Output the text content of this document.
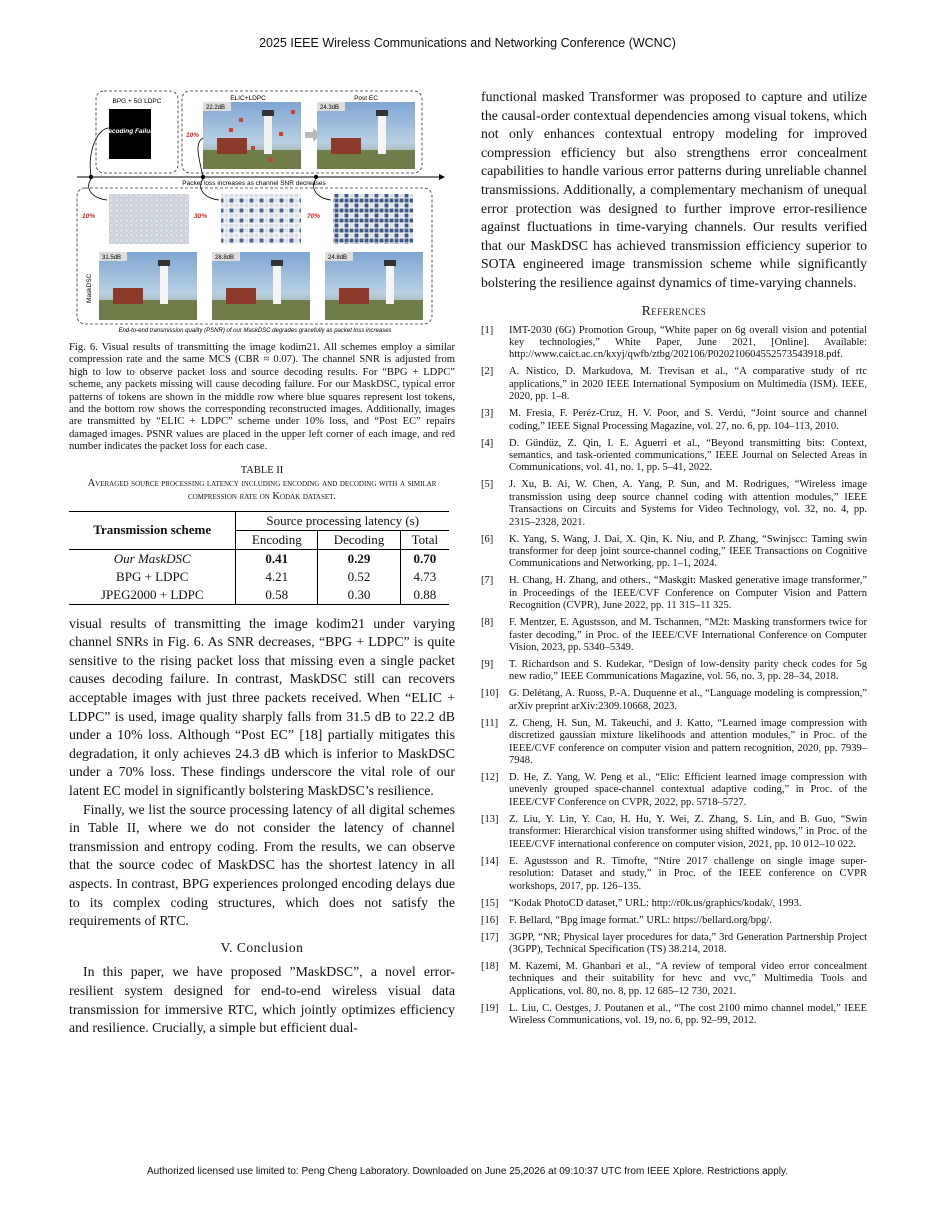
2025 IEEE Wireless Communications and Networking Conference (WCNC)
BPG + 5G LDPC
Decoding Failure
ELIC+LDPC	Post EC
22.2dB
10%
24.3dB
Packet loss increases as channel SNR decreases
10%	30%	70%
MaskDSC
31.5dB	28.8dB	24.8dB
End-to-end transmission quality (PSNR) of our MaskDSC degrades gracefully as packet loss increases
Fig. 6. Visual results of transmitting the image kodim21. All schemes employ a similar compression rate and the same MCS (CBR ≈ 0.07). The channel SNR is adjusted from high to low to observe packet loss and source decoding results. For “BPG + LDPC” scheme, any packets missing will cause decoding failure. For our MaskDSC, typical error patterns of tokens are shown in the middle row where blue squares represent lost tokens, and the bottom row shows the corresponding reconstructed images. Additionally, images are transmitted by “ELIC + LDPC” scheme under 10% loss, and “Post EC” repairs damaged images. PSNR values are placed in the upper left corner of each image, and red number indicates the packet loss for each case.
TABLE II
Averaged source processing latency including encoding and decoding with a similar compression rate on Kodak dataset.
Transmission scheme	Source processing latency (s)		
	Encoding	Decoding	Total
Our MaskDSC	0.41	0.29	0.70
BPG + LDPC	4.21	0.52	4.73
JPEG2000 + LDPC	0.58	0.30	0.88

visual results of transmitting the image kodim21 under varying channel SNRs in Fig. 6. As SNR decreases, “BPG + LDPC” is quite sensitive to the rising packet loss that missing even a single packet causes decoding failure. In contrast, MaskDSC still can recovers acceptable images with just three packets received. When “ELIC + LDPC” is used, image quality sharply falls from 31.5 dB to 22.2 dB under a 10% loss. Although “Post EC” [18] partially mitigates this degradation, it only achieves 24.3 dB which is inferior to MaskDSC under a 70% loss. These findings underscore the vital role of our latent EC model in significantly bolstering MaskDSC’s resilience.

Finally, we list the source processing latency of all digital schemes in Table II, where we do not consider the latency of channel transmission and entropy coding. From the results, we can observe that the source codec of MaskDSC has the shortest latency in all aspects. In contrast, BPG experiences prolonged encoding delays due to its complex coding structures, which does not satisfy the requirements of RTC.

V. Conclusion

In this paper, we have proposed ”MaskDSC”, a novel error-resilient system designed for end-to-end wireless visual data transmission for immersive RTC, which jointly optimizes efficiency and resilience. Crucially, a simple but efficient dual-

functional masked Transformer was proposed to capture and utilize the causal-order contextual dependencies among visual tokens, which not only enhances contextual entropy modeling for improved compression efficiency but also strengthens error concealment capabilities to handle various error patterns during unreliable channel transmissions. Additionally, a complementary mechanism of unequal error protection was designed to further improve error-resilience against fluctuations in time-varying channels. Our results verified that our MaskDSC has achieved transmission efficiency superior to SOTA engineered image transmission scheme while significantly bolstering the resilience against dynamics of time-varying channels.

References
[1]	IMT-2030 (6G) Promotion Group, “White paper on 6g overall vision and potential key technologies,” White Paper, June 2021, [Online]. Available: http://www.caict.ac.cn/kxyj/qwfb/ztbg/202106/P020210604552573543918.pdf.
[2]	A. Nistico, D. Markudova, M. Trevisan et al., “A comparative study of rtc applications,” in 2020 IEEE International Symposium on Multimedia (ISM). IEEE, 2020, pp. 1–8.
[3]	M. Fresia, F. Peréz-Cruz, H. V. Poor, and S. Verdú, “Joint source and channel coding,” IEEE Signal Processing Magazine, vol. 27, no. 6, pp. 104–113, 2010.
[4]	D. Gündüz, Z. Qin, I. E. Aguerri et al., “Beyond transmitting bits: Context, semantics, and task-oriented communications,” IEEE Journal on Selected Areas in Communications, vol. 41, no. 1, pp. 5–41, 2022.
[5]	J. Xu, B. Ai, W. Chen, A. Yang, P. Sun, and M. Rodrigues, “Wireless image transmission using deep source channel coding with attention modules,” IEEE Transactions on Circuits and Systems for Video Technology, vol. 32, no. 4, pp. 2315–2328, 2021.
[6]	K. Yang, S. Wang, J. Dai, X. Qin, K. Niu, and P. Zhang, “Swinjscc: Taming swin transformer for deep joint source-channel coding,” IEEE Transactions on Cognitive Communications and Networking, pp. 1–1, 2024.
[7]	H. Chang, H. Zhang, and others., “Maskgit: Masked generative image transformer,” in Proceedings of the IEEE/CVF Conference on Computer Vision and Pattern Recognition (CVPR), June 2022, pp. 11 315–11 325.
[8]	F. Mentzer, E. Agustsson, and M. Tschannen, “M2t: Masking transformers twice for faster decoding,” in Proc. of the IEEE/CVF International Conference on Computer Vision, 2023, pp. 5340–5349.
[9]	T. Richardson and S. Kudekar, “Design of low-density parity check codes for 5g new radio,” IEEE Communications Magazine, vol. 56, no. 3, pp. 28–34, 2018.
[10]	G. Delétang, A. Ruoss, P.-A. Duquenne et al., “Language modeling is compression,” arXiv preprint arXiv:2309.10668, 2023.
[11]	Z. Cheng, H. Sun, M. Takeuchi, and J. Katto, “Learned image compression with discretized gaussian mixture likelihoods and attention modules,” in Proc. of the IEEE/CVF conference on computer vision and pattern recognition, 2020, pp. 7939–7948.
[12]	D. He, Z. Yang, W. Peng et al., “Elic: Efficient learned image compression with unevenly grouped space-channel contextual adaptive coding,” in Proc. of the IEEE/CVF Conference on CVPR, 2022, pp. 5718–5727.
[13]	Z. Liu, Y. Lin, Y. Cao, H. Hu, Y. Wei, Z. Zhang, S. Lin, and B. Guo, “Swin transformer: Hierarchical vision transformer using shifted windows,” in Proc. of the IEEE/CVF international conference on computer vision, 2021, pp. 10 012–10 022.
[14]	E. Agustsson and R. Timofte, “Ntire 2017 challenge on single image super-resolution: Dataset and study,” in Proc. of the IEEE conference on CVPR workshops, 2017, pp. 126–135.
[15]	“Kodak PhotoCD dataset,” URL: http://r0k.us/graphics/kodak/, 1993.
[16]	F. Bellard, “Bpg image format.” URL: https://bellard.org/bpg/.
[17]	3GPP, “NR; Physical layer procedures for data,” 3rd Generation Partnership Project (3GPP), Technical Specification (TS) 38.214, 2018.
[18]	M. Kazemi, M. Ghanbari et al., “A review of temporal video error concealment techniques and their suitability for hevc and vvc,” Multimedia Tools and Applications, vol. 80, no. 8, pp. 12 685–12 730, 2021.
[19]	L. Liu, C. Oestges, J. Poutanen et al., “The cost 2100 mimo channel model,” IEEE Wireless Communications, vol. 19, no. 6, pp. 92–99, 2012.
Authorized licensed use limited to: Peng Cheng Laboratory. Downloaded on June 25,2026 at 09:10:37 UTC from IEEE Xplore. Restrictions apply.
